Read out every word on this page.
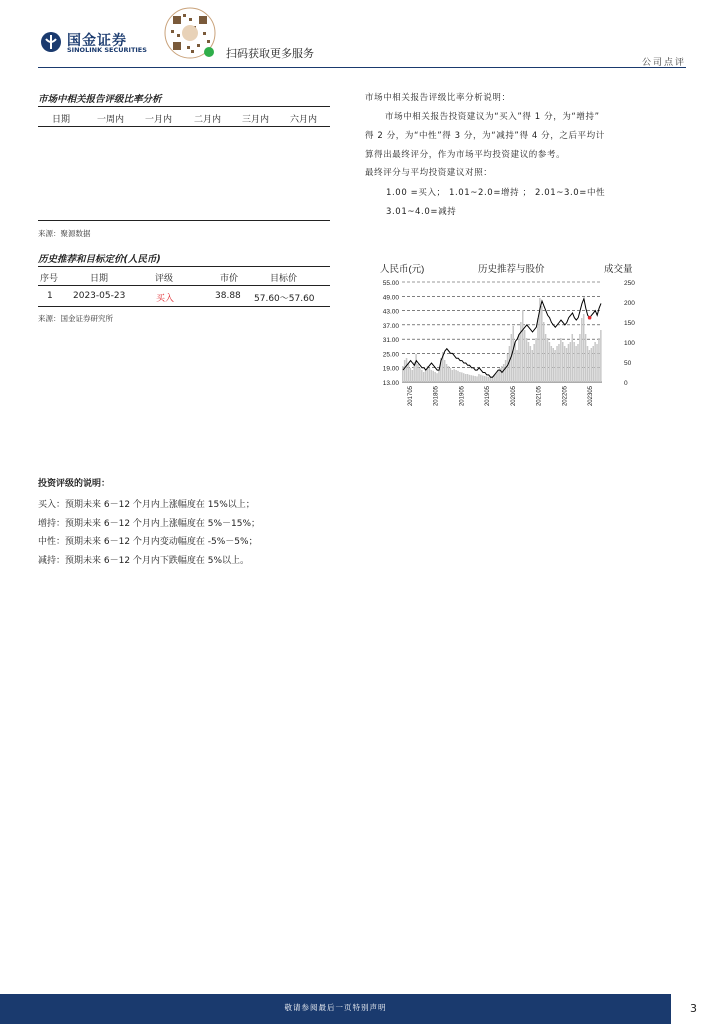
国金证券
SINOLINK SECURITIES	扫码获取更多服务
公司点评
市场中相关报告评级比率分析
日期	一周内 一月内 二月内 三月内 六月内
来源：聚源数据
历史推荐和目标定价(人民币)
序号	日期	评级	市价	目标价
1 2023-05-23	买入	38.88 57.60～57.60
来源：国金证券研究所
市场中相关报告评级比率分析说明：
市场中相关报告投资建议为“买入”得 1 分，为“增持”
得 2 分，为“中性”得 3 分，为“减持”得 4 分，之后平均计
算得出最终评分，作为市场平均投资建议的参考。
最终评分与平均投资建议对照：
1.00 =买入； 1.01~2.0=增持 ； 2.01~3.0=中性
3.01~4.0=减持
人民币(元)	历史推荐与股价	成交量
55.00
49.00
43.00
37.00
31.00
25.00
19.00
13.00
250
200
150
100
50
0
201705	201805	201905	201905	202005	202105	202205	202305
投资评级的说明：
买入：预期未来 6－12 个月内上涨幅度在 15%以上；
增持：预期未来 6－12 个月内上涨幅度在 5%－15%；
中性：预期未来 6－12 个月内变动幅度在 -5%－5%；
减持：预期未来 6－12 个月内下跌幅度在 5%以上。
敬请参阅最后一页特别声明	3
